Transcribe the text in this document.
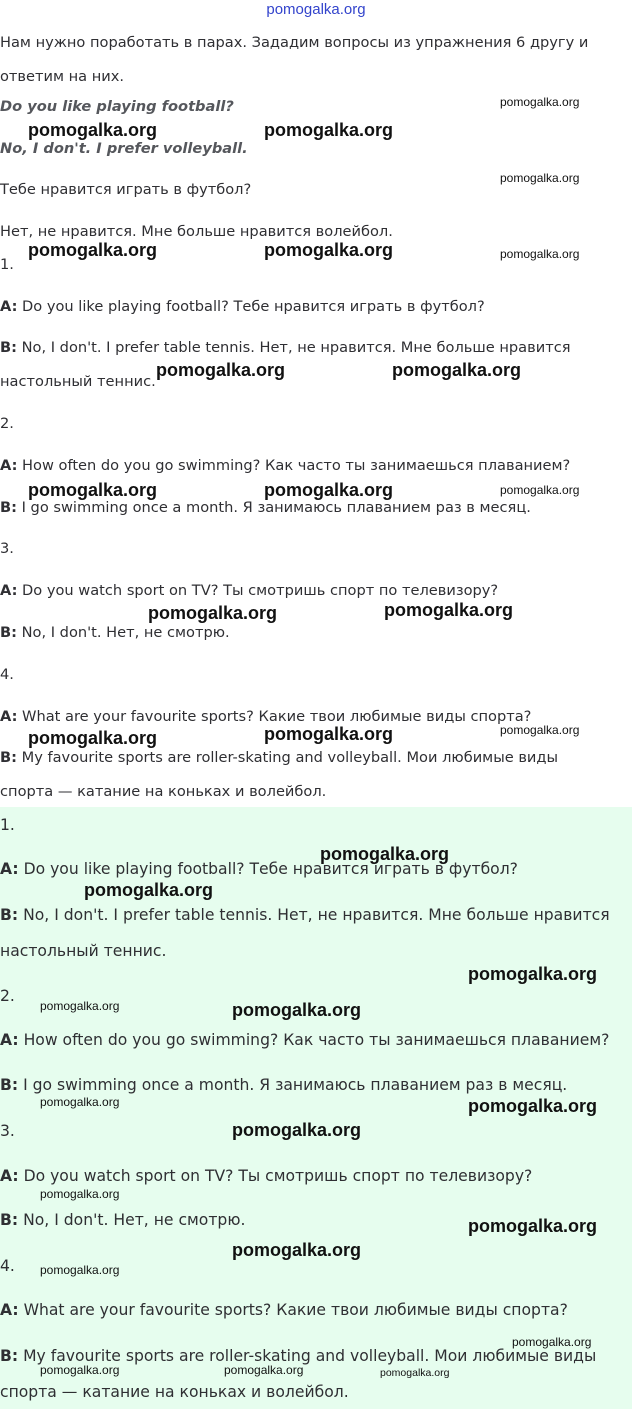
pomogalka.org

Нам нужно поработать в парах. Зададим вопросы из упражнения 6 другу и ответим на них.

Do you like playing football?

No, I don't. I prefer volleyball.

Тебе нравится играть в футбол?

Нет, не нравится. Мне больше нравится волейбол.

1.

A: Do you like playing football? Тебе нравится играть в футбол?

B: No, I don't. I prefer table tennis. Нет, не нравится. Мне больше нравится настольный теннис.

2.

A: How often do you go swimming? Как часто ты занимаешься плаванием?

B: I go swimming once a month. Я занимаюсь плаванием раз в месяц.

3.

A: Do you watch sport on TV? Ты смотришь спорт по телевизору?

B: No, I don't. Нет, не смотрю.

4.

A: What are your favourite sports? Какие твои любимые виды спорта?

B: My favourite sports are roller-skating and volleyball. Мои любимые виды спорта — катание на коньках и волейбол.

1.

A: Do you like playing football? Тебе нравится играть в футбол?

B: No, I don't. I prefer table tennis. Нет, не нравится. Мне больше нравится настольный теннис.

2.

A: How often do you go swimming? Как часто ты занимаешься плаванием?

B: I go swimming once a month. Я занимаюсь плаванием раз в месяц.

3.

A: Do you watch sport on TV? Ты смотришь спорт по телевизору?

B: No, I don't. Нет, не смотрю.

4.

A: What are your favourite sports? Какие твои любимые виды спорта?

B: My favourite sports are roller-skating and volleyball. Мои любимые виды спорта — катание на коньках и волейбол.

pomogalka.org
pomogalka.org	pomogalka.org
pomogalka.org
pomogalka.org	pomogalka.org	pomogalka.org
pomogalka.org	pomogalka.org
pomogalka.org	pomogalka.org	pomogalka.org
pomogalka.org	pomogalka.org
pomogalka.org
pomogalka.org	pomogalka.org
pomogalka.org
pomogalka.org
pomogalka.org
pomogalka.org	pomogalka.org
pomogalka.org	pomogalka.org
pomogalka.org
pomogalka.org
pomogalka.org
pomogalka.org
pomogalka.org
pomogalka.org
pomogalka.org	pomogalka.org	pomogalka.org
